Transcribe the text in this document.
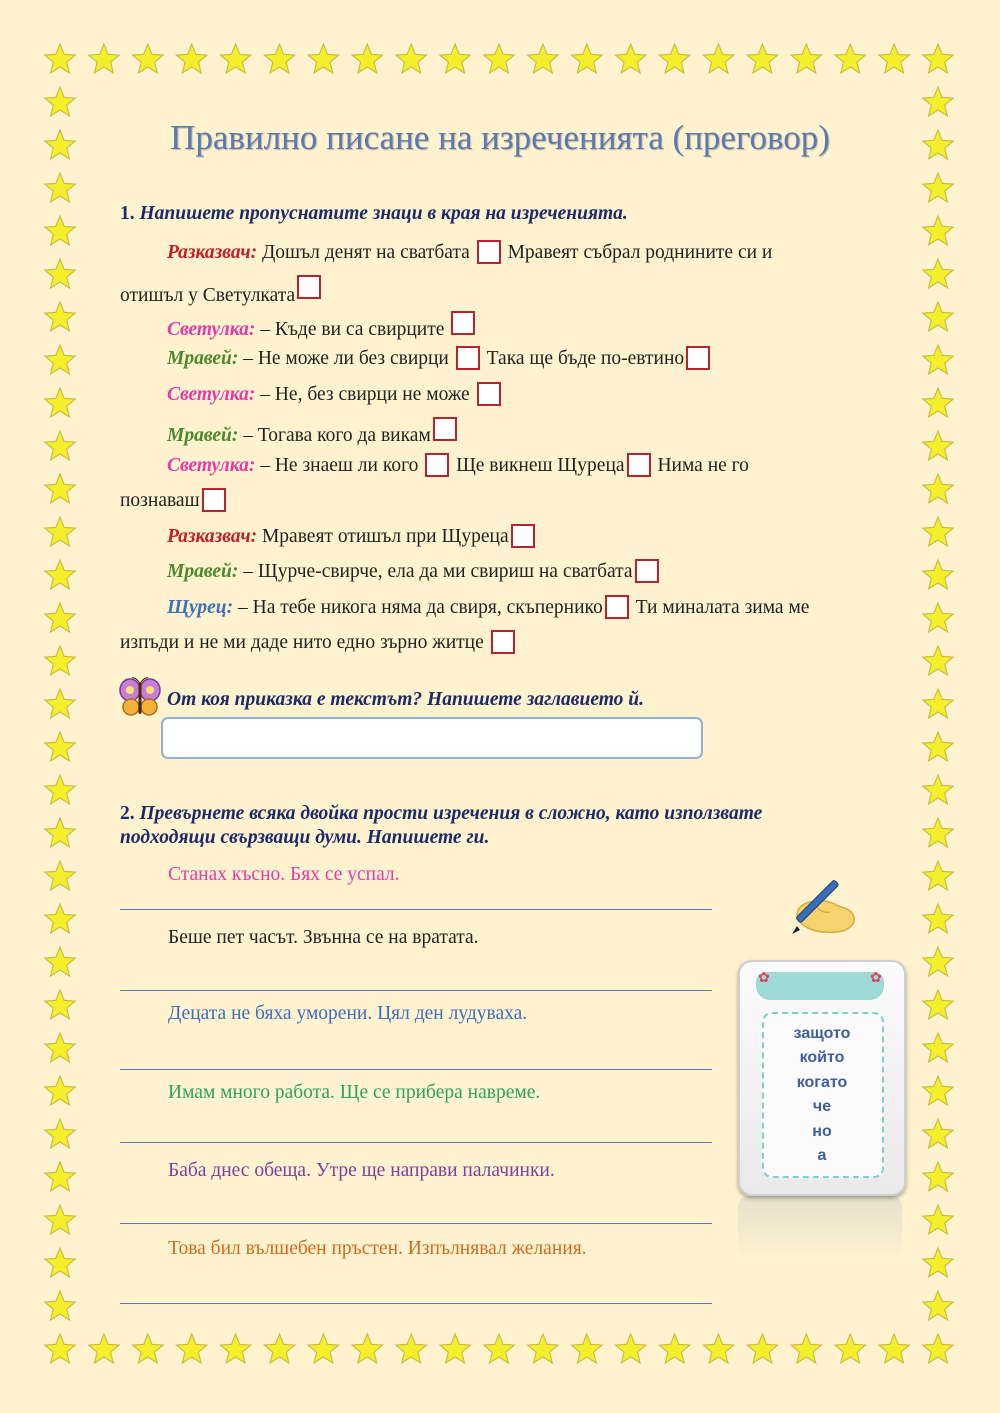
Правилно писане на изреченията (преговор)
1. Напишете пропуснатите знаци в края на изреченията.
Разказвач: Дошъл денят на сватбата  Мравеят събрал роднините си и
отишъл у Светулката
Светулка: – Къде ви са свирците
Мравей: – Не може ли без свирци  Така ще бъде по-евтино
Светулка: – Не, без свирци не може
Мравей: – Тогава кого да викам
Светулка: – Не знаеш ли кого  Ще викнеш Щуреца Нима не го
познаваш
Разказвач: Мравеят отишъл при Щуреца
Мравей: – Щурче-свирче, ела да ми свириш на сватбата
Щурец: – На тебе никога няма да свиря, скъпернико Ти миналата зима ме
изпъди и не ми даде нито едно зърно житце
От коя приказка е текстът? Напишете заглавието й.
2. Превърнете всяка двойка прости изречения в сложно, като използвате
подходящи свързващи думи. Напишете ги.
Станах късно. Бях се успал.
Беше пет часът. Звънна се на вратата.
Децата не бяха уморени. Цял ден лудуваха.
Имам много работа. Ще се прибера навреме.
Баба днес обеща. Утре ще направи палачинки.
Това бил вълшебен пръстен. Изпълнявал желания.
✿	✿
защото
който
когато
че
но
а
